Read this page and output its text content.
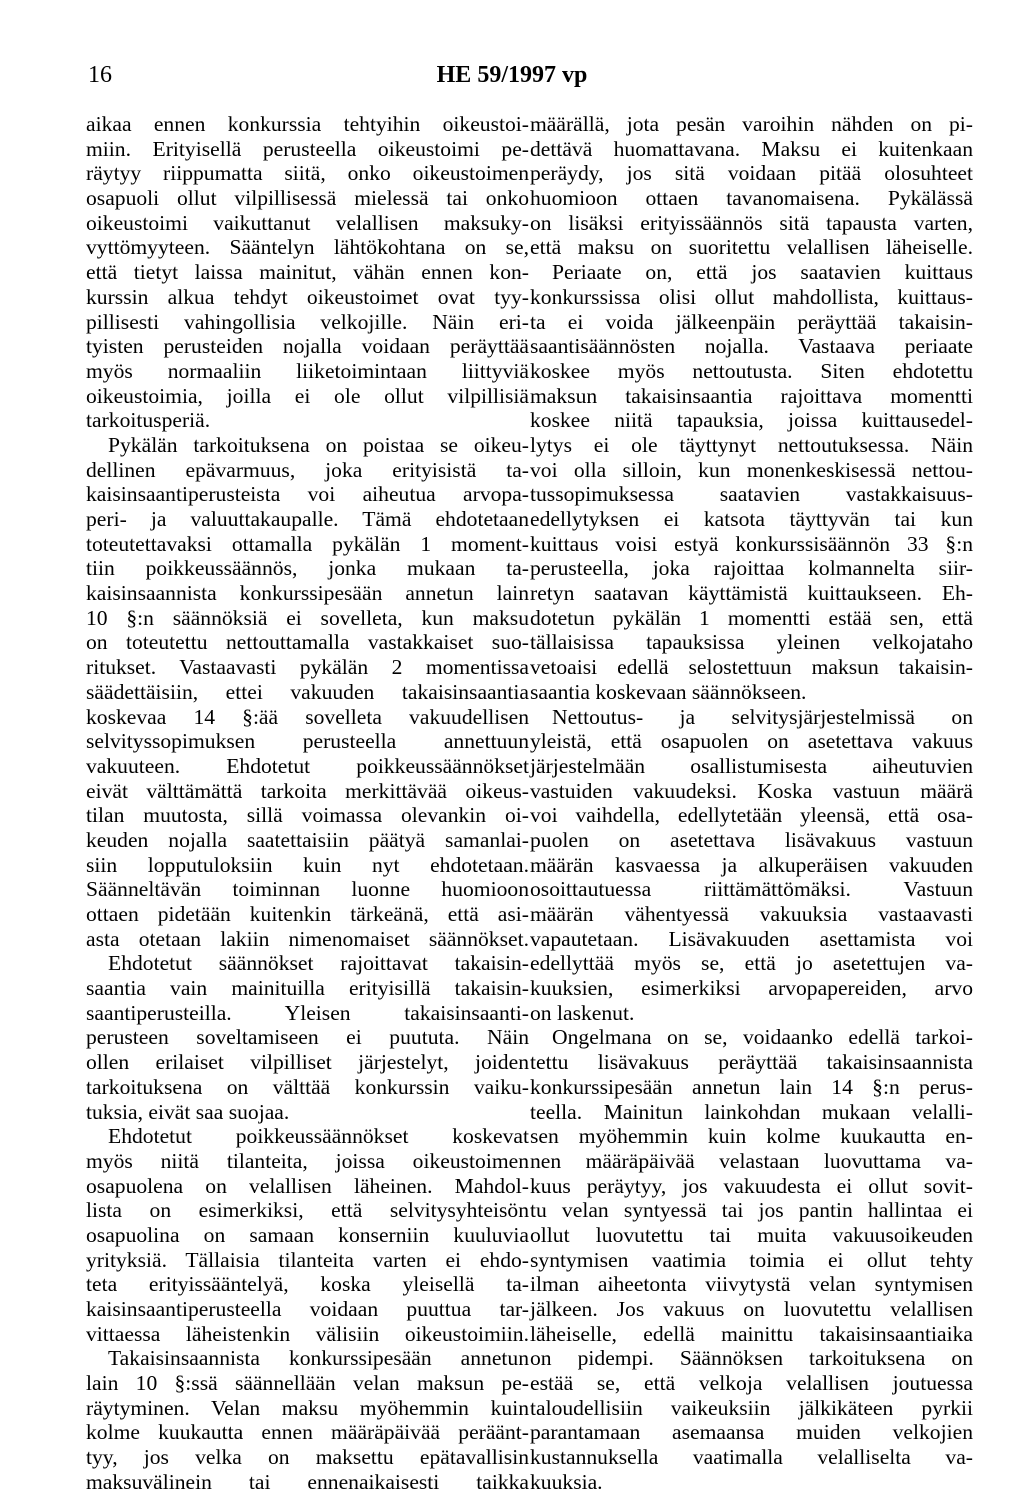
16	HE 59/1997 vp
aikaa ennen konkurssia tehtyihin oikeustoi-
miin. Erityisellä perusteella oikeustoimi pe-
räytyy riippumatta siitä, onko oikeustoimen
osapuoli ollut vilpillisessä mielessä tai onko
oikeustoimi vaikuttanut velallisen maksuky-
vyttömyyteen. Sääntelyn lähtökohtana on se,
että tietyt laissa mainitut, vähän ennen kon-
kurssin alkua tehdyt oikeustoimet ovat tyy-
pillisesti vahingollisia velkojille. Näin eri-
tyisten perusteiden nojalla voidaan peräyttää
myös normaaliin liiketoimintaan liittyviä
oikeustoimia, joilla ei ole ollut vilpillisiä
tarkoitusperiä.
Pykälän tarkoituksena on poistaa se oikeu-
dellinen epävarmuus, joka erityisistä ta-
kaisinsaantiperusteista voi aiheutua arvopa-
peri- ja valuuttakaupalle. Tämä ehdotetaan
toteutettavaksi ottamalla pykälän 1 moment-
tiin poikkeussäännös, jonka mukaan ta-
kaisinsaannista konkurssipesään annetun lain
10 §:n säännöksiä ei sovelleta, kun maksu
on toteutettu nettouttamalla vastakkaiset suo-
ritukset. Vastaavasti pykälän 2 momentissa
säädettäisiin, ettei vakuuden takaisinsaantia
koskevaa 14 §:ää sovelleta vakuudellisen
selvityssopimuksen perusteella annettuun
vakuuteen. Ehdotetut poikkeussäännökset
eivät välttämättä tarkoita merkittävää oikeus-
tilan muutosta, sillä voimassa olevankin oi-
keuden nojalla saatettaisiin päätyä samanlai-
siin lopputuloksiin kuin nyt ehdotetaan.
Säänneltävän toiminnan luonne huomioon
ottaen pidetään kuitenkin tärkeänä, että asi-
asta otetaan lakiin nimenomaiset säännökset.
Ehdotetut säännökset rajoittavat takaisin-
saantia vain mainituilla erityisillä takaisin-
saantiperusteilla. Yleisen takaisinsaanti-
perusteen soveltamiseen ei puututa. Näin
ollen erilaiset vilpilliset järjestelyt, joiden
tarkoituksena on välttää konkurssin vaiku-
tuksia, eivät saa suojaa.
Ehdotetut poikkeussäännökset koskevat
myös niitä tilanteita, joissa oikeustoimen
osapuolena on velallisen läheinen. Mahdol-
lista on esimerkiksi, että selvitysyhteisön
osapuolina on samaan konserniin kuuluvia
yrityksiä. Tällaisia tilanteita varten ei ehdo-
teta erityissääntelyä, koska yleisellä ta-
kaisinsaantiperusteella voidaan puuttua tar-
vittaessa läheistenkin välisiin oikeustoimiin.
Takaisinsaannista konkurssipesään annetun
lain 10 §:ssä säännellään velan maksun pe-
räytyminen. Velan maksu myöhemmin kuin
kolme kuukautta ennen määräpäivää peräänt-
tyy, jos velka on maksettu epätavallisin
maksuvälinein tai ennenaikaisesti taikka
määrällä, jota pesän varoihin nähden on pi-
dettävä huomattavana. Maksu ei kuitenkaan
peräydy, jos sitä voidaan pitää olosuhteet
huomioon ottaen tavanomaisena. Pykälässä
on lisäksi erityissäännös sitä tapausta varten,
että maksu on suoritettu velallisen läheiselle.
Periaate on, että jos saatavien kuittaus
konkurssissa olisi ollut mahdollista, kuittaus-
ta ei voida jälkeenpäin peräyttää takaisin-
saantisäännösten nojalla. Vastaava periaate
koskee myös nettoutusta. Siten ehdotettu
maksun takaisinsaantia rajoittava momentti
koskee niitä tapauksia, joissa kuittausedel-
lytys ei ole täyttynyt nettoutuksessa. Näin
voi olla silloin, kun monenkeskisessä nettou-
tussopimuksessa saatavien vastakkaisuus-
edellytyksen ei katsota täyttyvän tai kun
kuittaus voisi estyä konkurssisäännön 33 §:n
perusteella, joka rajoittaa kolmannelta siir-
retyn saatavan käyttämistä kuittaukseen. Eh-
dotetun pykälän 1 momentti estää sen, että
tällaisissa tapauksissa yleinen velkojataho
vetoaisi edellä selostettuun maksun takaisin-
saantia koskevaan säännökseen.
Nettoutus- ja selvitysjärjestelmissä on
yleistä, että osapuolen on asetettava vakuus
järjestelmään osallistumisesta aiheutuvien
vastuiden vakuudeksi. Koska vastuun määrä
voi vaihdella, edellytetään yleensä, että osa-
puolen on asetettava lisävakuus vastuun
määrän kasvaessa ja alkuperäisen vakuuden
osoittautuessa riittämättömäksi. Vastuun
määrän vähentyessä vakuuksia vastaavasti
vapautetaan. Lisävakuuden asettamista voi
edellyttää myös se, että jo asetettujen va-
kuuksien, esimerkiksi arvopapereiden, arvo
on laskenut.
Ongelmana on se, voidaanko edellä tarkoi-
tettu lisävakuus peräyttää takaisinsaannista
konkurssipesään annetun lain 14 §:n perus-
teella. Mainitun lainkohdan mukaan velalli-
sen myöhemmin kuin kolme kuukautta en-
nen määräpäivää velastaan luovuttama va-
kuus peräytyy, jos vakuudesta ei ollut sovit-
tu velan syntyessä tai jos pantin hallintaa ei
ollut luovutettu tai muita vakuusoikeuden
syntymisen vaatimia toimia ei ollut tehty
ilman aiheetonta viivytystä velan syntymisen
jälkeen. Jos vakuus on luovutettu velallisen
läheiselle, edellä mainittu takaisinsaantiaika
on pidempi. Säännöksen tarkoituksena on
estää se, että velkoja velallisen joutuessa
taloudellisiin vaikeuksiin jälkikäteen pyrkii
parantamaan asemaansa muiden velkojien
kustannuksella vaatimalla velalliselta va-
kuuksia.
